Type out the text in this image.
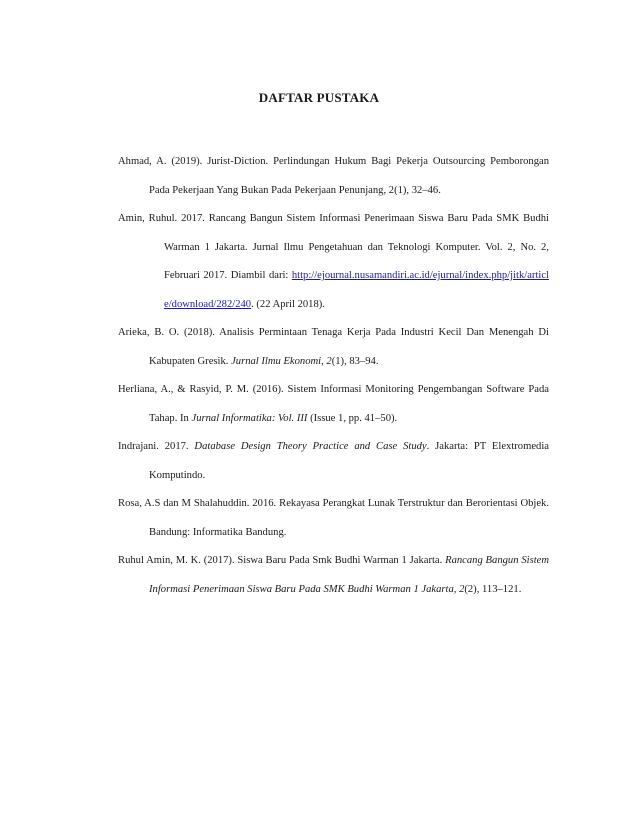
DAFTAR PUSTAKA
Ahmad, A. (2019). Jurist-Diction. Perlindungan Hukum Bagi Pekerja Outsourcing Pemborongan Pada Pekerjaan Yang Bukan Pada Pekerjaan Penunjang, 2(1), 32–46.
Amin, Ruhul. 2017. Rancang Bangun Sistem Informasi Penerimaan Siswa Baru Pada SMK Budhi Warman 1 Jakarta. Jurnal Ilmu Pengetahuan dan Teknologi Komputer. Vol. 2, No. 2, Februari 2017. Diambil dari: http://ejournal.nusamandiri.ac.id/ejurnal/index.php/jitk/article/download/282/240. (22 April 2018).
Arieka, B. O. (2018). Analisis Permintaan Tenaga Kerja Pada Industri Kecil Dan Menengah Di Kabupaten Gresik. Jurnal Ilmu Ekonomi, 2(1), 83–94.
Herliana, A., & Rasyid, P. M. (2016). Sistem Informasi Monitoring Pengembangan Software Pada Tahap. In Jurnal Informatika: Vol. III (Issue 1, pp. 41–50).
Indrajani. 2017. Database Design Theory Practice and Case Study. Jakarta: PT Elextromedia Komputindo.
Rosa, A.S dan M Shalahuddin. 2016. Rekayasa Perangkat Lunak Terstruktur dan Berorientasi Objek. Bandung: Informatika Bandung.
Ruhul Amin, M. K. (2017). Siswa Baru Pada Smk Budhi Warman 1 Jakarta. Rancang Bangun Sistem Informasi Penerimaan Siswa Baru Pada SMK Budhi Warman 1 Jakarta, 2(2), 113–121.
